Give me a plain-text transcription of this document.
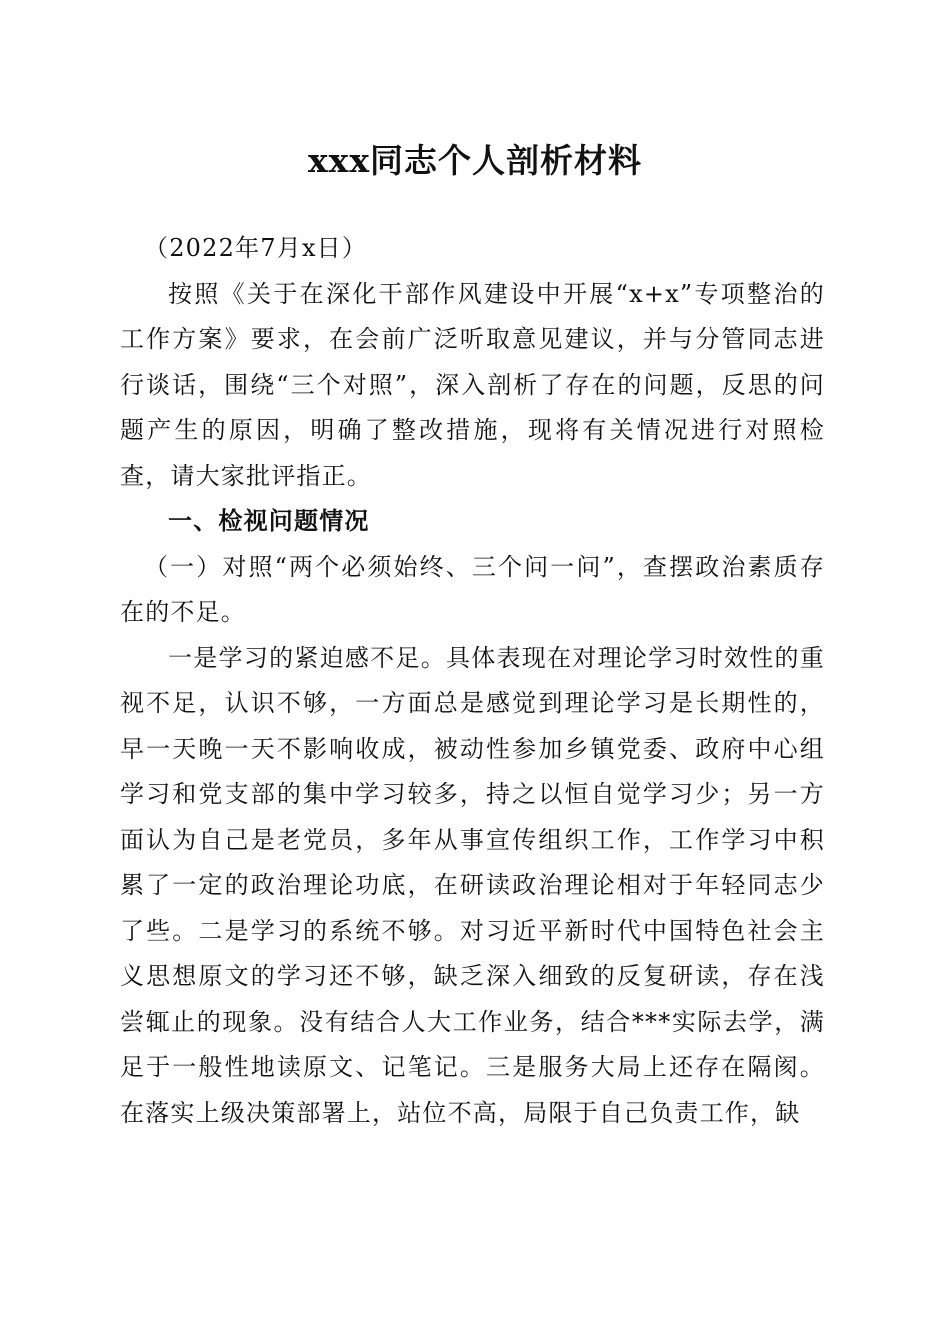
xxx同志个人剖析材料

（2022年7月x日）

按照《关于在深化干部作风建设中开展“x+x”专项整治的工作方案》要求，在会前广泛听取意见建议，并与分管同志进行谈话，围绕“三个对照”，深入剖析了存在的问题，反思的问题产生的原因，明确了整改措施，现将有关情况进行对照检查，请大家批评指正。

一、检视问题情况

（一）对照“两个必须始终、三个问一问”，查摆政治素质存在的不足。

一是学习的紧迫感不足。具体表现在对理论学习时效性的重视不足，认识不够，一方面总是感觉到理论学习是长期性的，早一天晚一天不影响收成，被动性参加乡镇党委、政府中心组学习和党支部的集中学习较多，持之以恒自觉学习少；另一方面认为自己是老党员，多年从事宣传组织工作，工作学习中积累了一定的政治理论功底，在研读政治理论相对于年轻同志少了些。二是学习的系统不够。对习近平新时代中国特色社会主义思想原文的学习还不够，缺乏深入细致的反复研读，存在浅尝辄止的现象。没有结合人大工作业务，结合***实际去学，满足于一般性地读原文、记笔记。三是服务大局上还存在隔阂。在落实上级决策部署上，站位不高，局限于自己负责工作，缺
